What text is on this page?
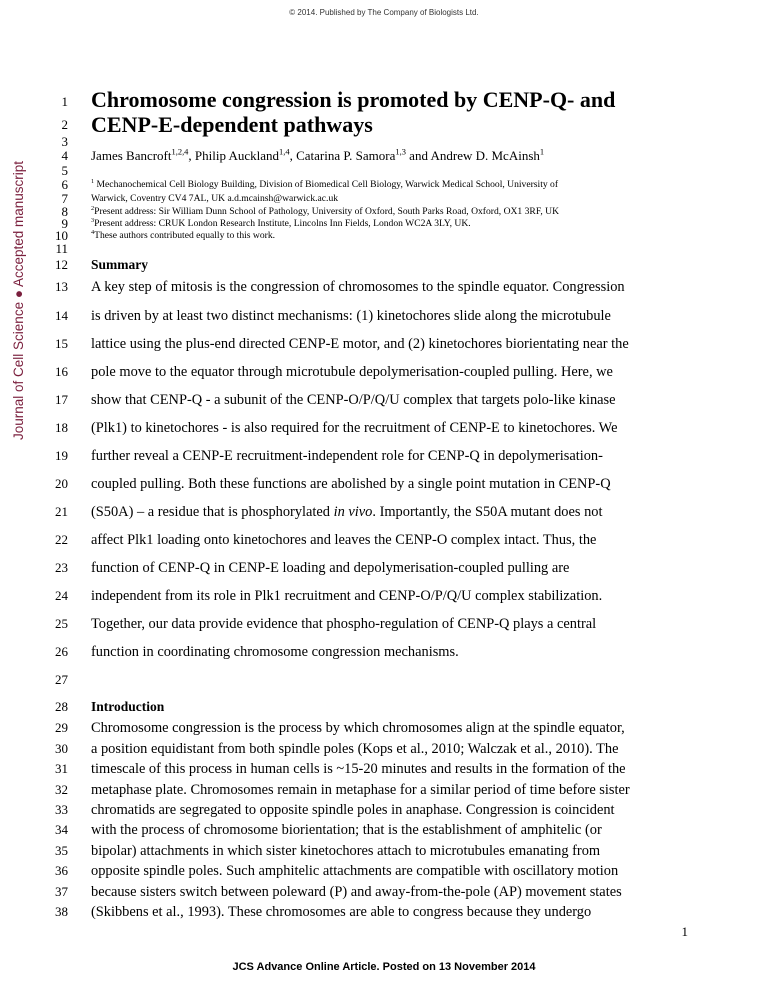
© 2014. Published by The Company of Biologists Ltd.
Journal of Cell Science ● Accepted manuscript
1
2
3
4
5
6
7
8
9
10
11
12
13
14
15
16
17
18
19
20
21
22
23
24
25
26
27
28
29
30
31
32
33
34
35
36
37
38
Chromosome congression is promoted by CENP-Q- and
CENP-E-dependent pathways
James Bancroft$^{1,2,4}$, Philip Auckland$^{1,4}$, Catarina P. Samora$^{1,3}$ and Andrew D. McAinsh$^1$
$^1$ Mechanochemical Cell Biology Building, Division of Biomedical Cell Biology, Warwick Medical School, University of
Warwick, Coventry CV4 7AL, UK a.d.mcainsh@warwick.ac.uk
$^2$Present address: Sir William Dunn School of Pathology, University of Oxford, South Parks Road, Oxford, OX1 3RF, UK
$^3$Present address: CRUK London Research Institute, Lincolns Inn Fields, London WC2A 3LY, UK.
$^4$These authors contributed equally to this work.
Summary
A key step of mitosis is the congression of chromosomes to the spindle equator. Congression
is driven by at least two distinct mechanisms: (1) kinetochores slide along the microtubule
lattice using the plus-end directed CENP-E motor, and (2) kinetochores biorientating near the
pole move to the equator through microtubule depolymerisation-coupled pulling. Here, we
show that CENP-Q - a subunit of the CENP-O/P/Q/U complex that targets polo-like kinase
(Plk1) to kinetochores - is also required for the recruitment of CENP-E to kinetochores. We
further reveal a CENP-E recruitment-independent role for CENP-Q in depolymerisation-
coupled pulling. Both these functions are abolished by a single point mutation in CENP-Q
(S50A) – a residue that is phosphorylated in vivo. Importantly, the S50A mutant does not
affect Plk1 loading onto kinetochores and leaves the CENP-O complex intact. Thus, the
function of CENP-Q in CENP-E loading and depolymerisation-coupled pulling are
independent from its role in Plk1 recruitment and CENP-O/P/Q/U complex stabilization.
Together, our data provide evidence that phospho-regulation of CENP-Q plays a central
function in coordinating chromosome congression mechanisms.
Introduction
Chromosome congression is the process by which chromosomes align at the spindle equator,
a position equidistant from both spindle poles (Kops et al., 2010; Walczak et al., 2010). The
timescale of this process in human cells is ~15-20 minutes and results in the formation of the
metaphase plate. Chromosomes remain in metaphase for a similar period of time before sister
chromatids are segregated to opposite spindle poles in anaphase. Congression is coincident
with the process of chromosome biorientation; that is the establishment of amphitelic (or
bipolar) attachments in which sister kinetochores attach to microtubules emanating from
opposite spindle poles. Such amphitelic attachments are compatible with oscillatory motion
because sisters switch between poleward (P) and away-from-the-pole (AP) movement states
(Skibbens et al., 1993). These chromosomes are able to congress because they undergo
1
JCS Advance Online Article. Posted on 13 November 2014
